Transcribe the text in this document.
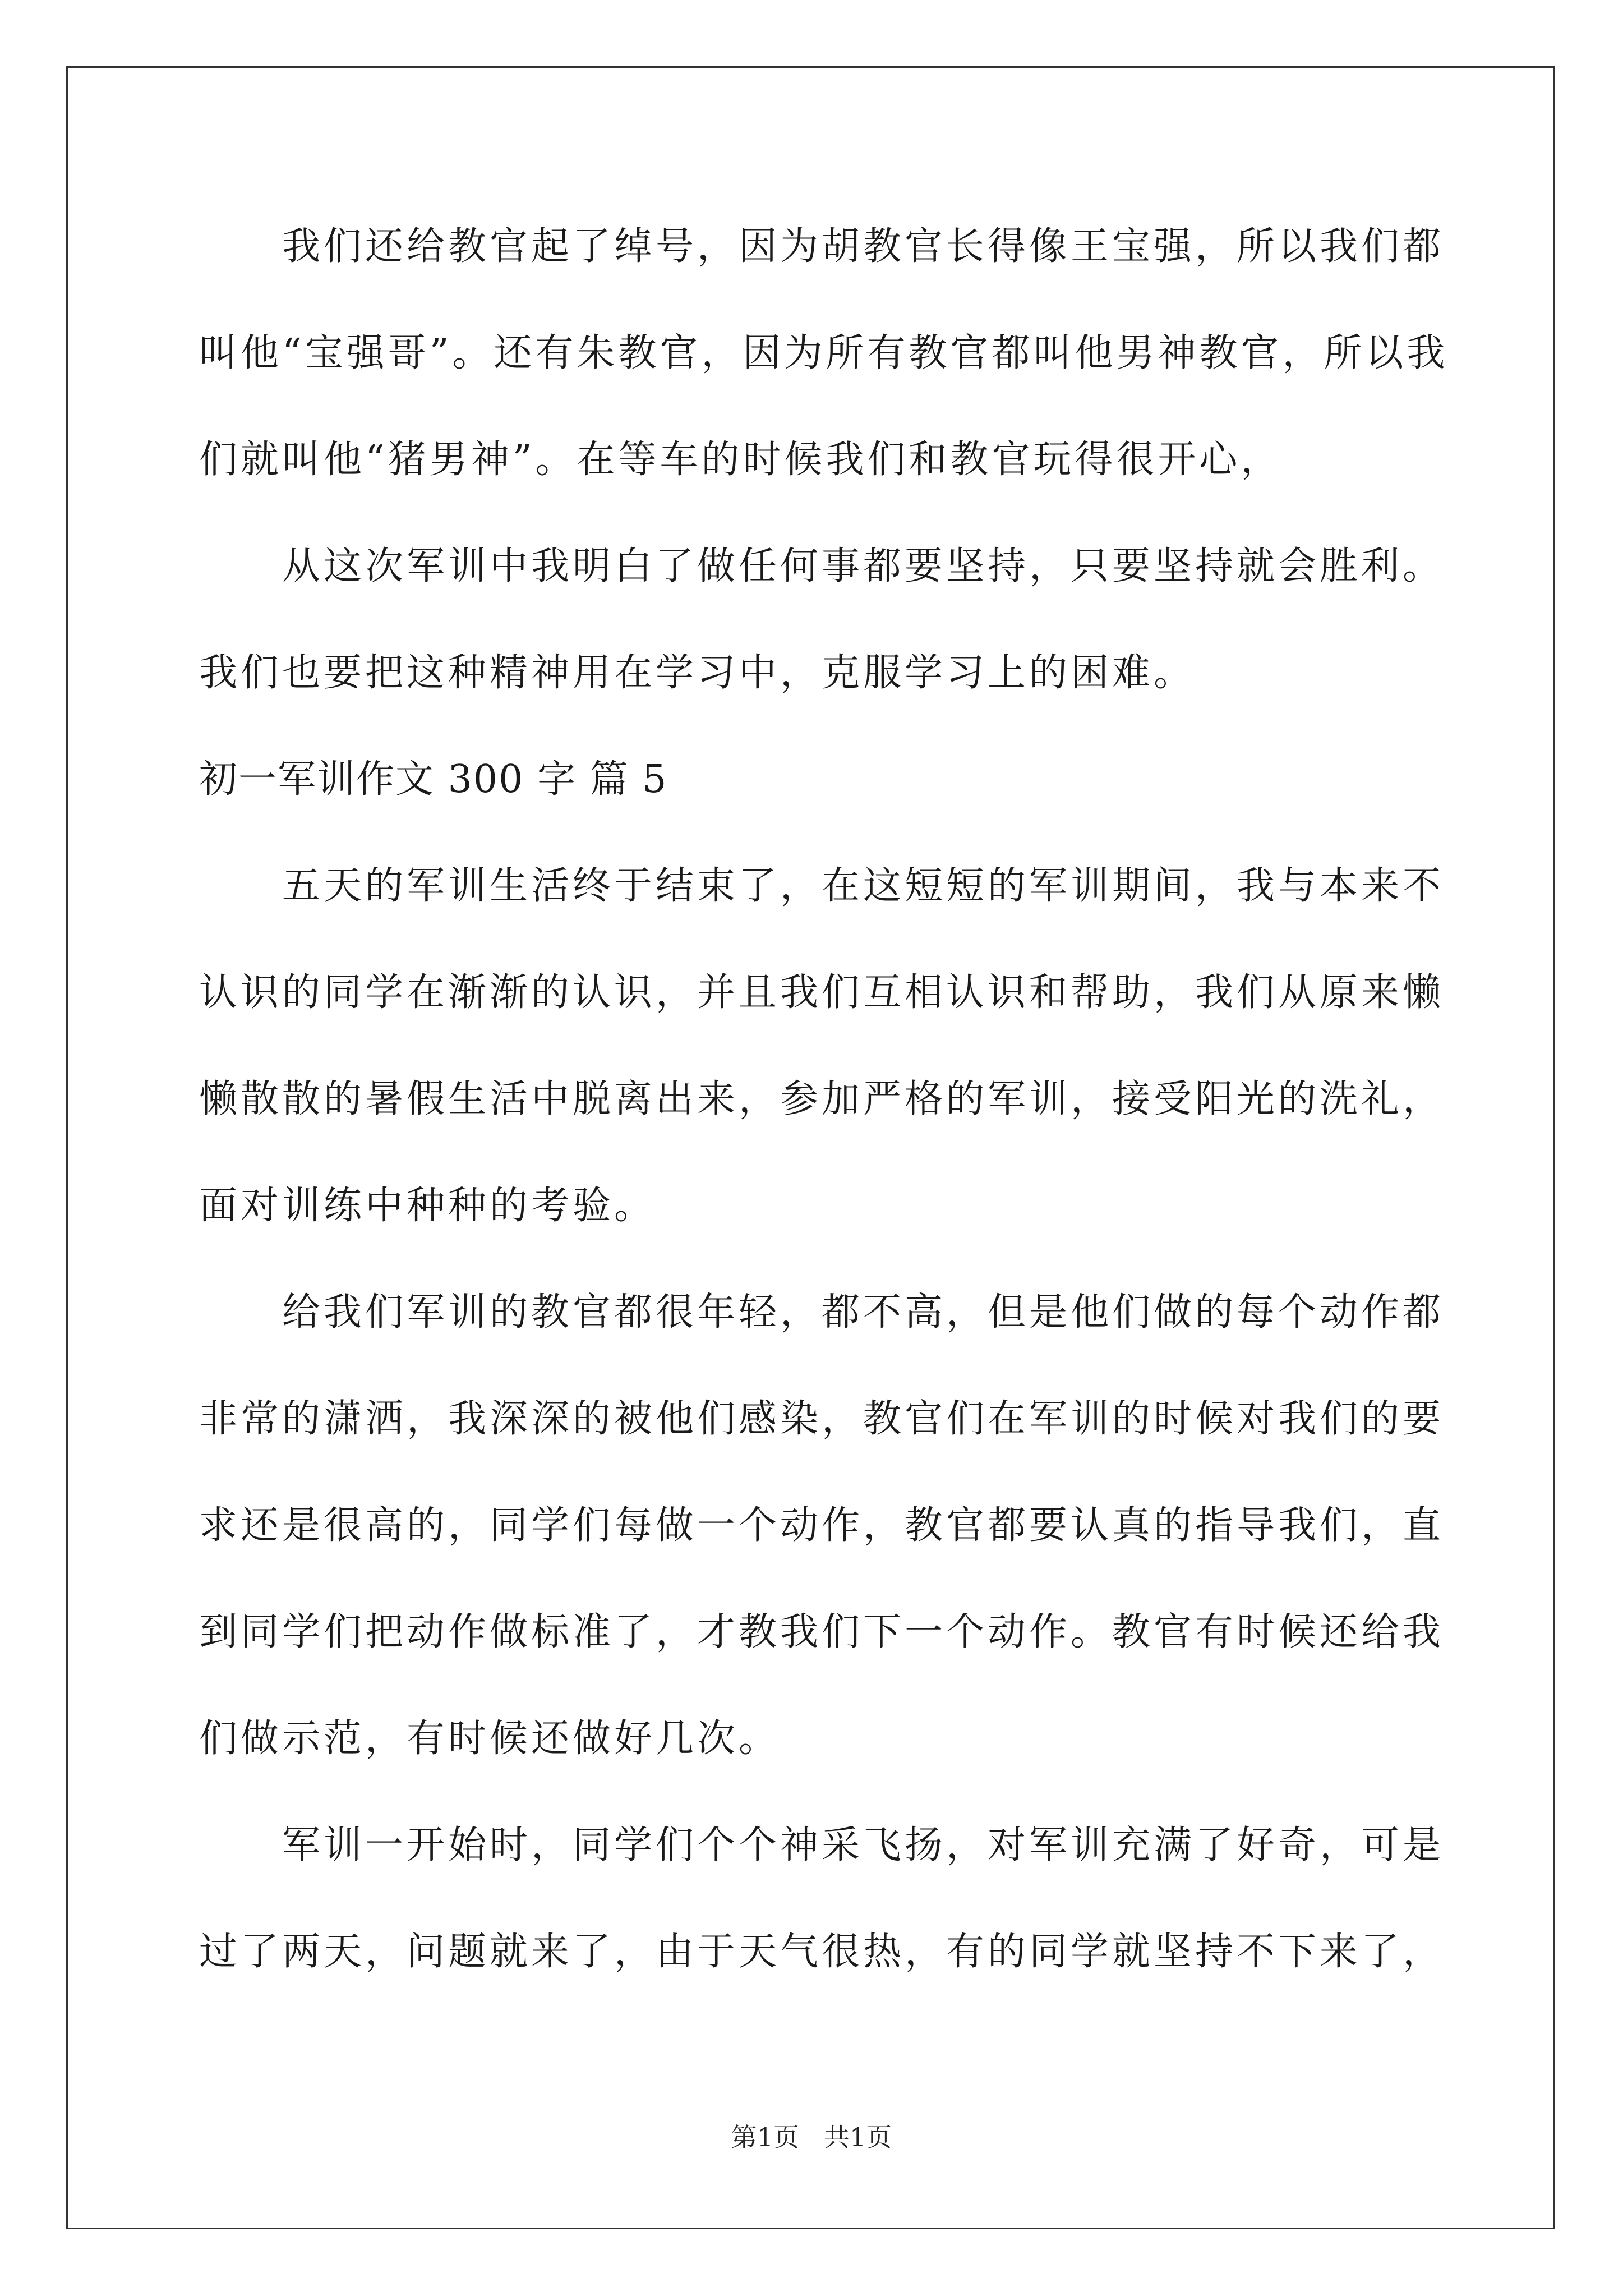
我们还给教官起了绰号，因为胡教官长得像王宝强，所以我们都
叫他“宝强哥”。还有朱教官，因为所有教官都叫他男神教官，所以我
们就叫他“猪男神”。在等车的时候我们和教官玩得很开心，
从这次军训中我明白了做任何事都要坚持，只要坚持就会胜利。
我们也要把这种精神用在学习中，克服学习上的困难。
初一军训作文 300 字 篇 5
五天的军训生活终于结束了，在这短短的军训期间，我与本来不
认识的同学在渐渐的认识，并且我们互相认识和帮助，我们从原来懒
懒散散的暑假生活中脱离出来，参加严格的军训，接受阳光的洗礼，
面对训练中种种的考验。
给我们军训的教官都很年轻，都不高，但是他们做的每个动作都
非常的潇洒，我深深的被他们感染，教官们在军训的时候对我们的要
求还是很高的，同学们每做一个动作，教官都要认真的指导我们，直
到同学们把动作做标准了，才教我们下一个动作。教官有时候还给我
们做示范，有时候还做好几次。
军训一开始时，同学们个个神采飞扬，对军训充满了好奇，可是
过了两天，问题就来了，由于天气很热，有的同学就坚持不下来了，
第1页 共1页
